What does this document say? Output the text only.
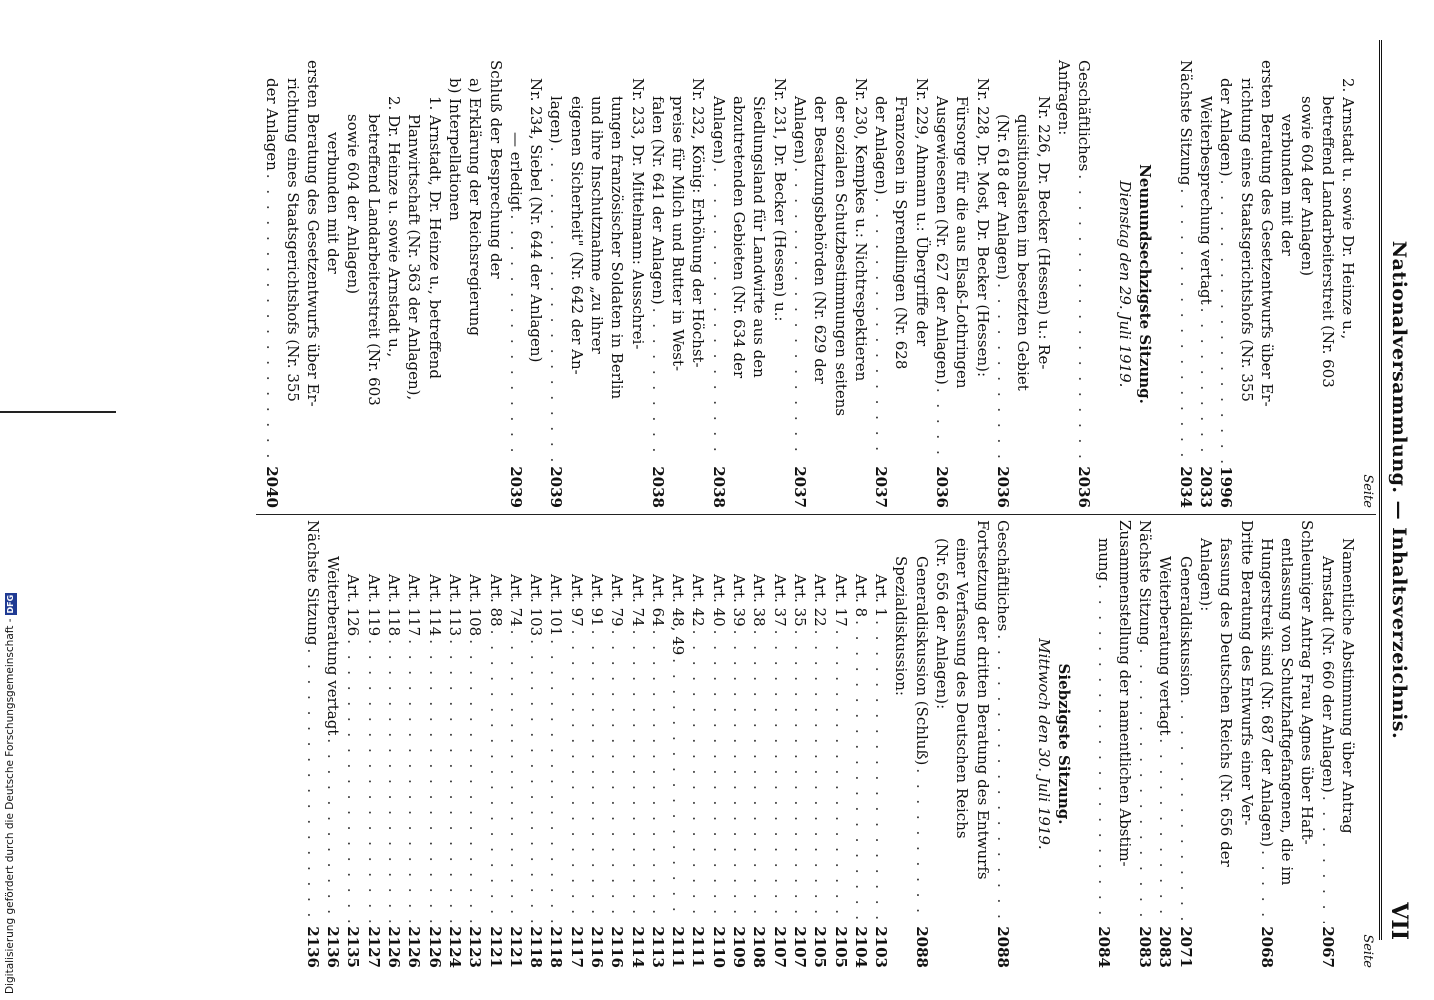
Nationalversammlung. — Inhaltsverzeichnis.
VII
Seite
2. Arnstadt u. sowie Dr. Heinze u.,
betreffend Landarbeiterstreit (Nr. 603
sowie 604 der Anlagen)
verbunden mit der
ersten Beratung des Gesetzentwurfs über Er-
richtung eines Staatsgerichtshofs (Nr. 355
der Anlagen)
. . .
1996
Weiterbesprechung vertagt
. . .
2033
Nächste Sitzung
. . .
2034
Neunundsechzigste Sitzung.
Dienstag den 29. Juli 1919.
Geschäftliches
. . .
2036
Anfragen:
Nr. 226, Dr. Becker (Hessen) u.: Re-
quisitionslasten im besetzten Gebiet
(Nr. 618 der Anlagen)
. . .
2036
Nr. 228, Dr. Most, Dr. Becker (Hessen):
Fürsorge für die aus Elsaß-Lothringen
Ausgewiesenen (Nr. 627 der Anlagen)
. . .
2036
Nr. 229, Ahmann u.: Übergriffe der
Franzosen in Sprendlingen (Nr. 628
der Anlagen)
. . .
2037
Nr. 230, Kempkes u.: Nichtrespektieren
der sozialen Schutzbestimmungen seitens
der Besatzungsbehörden (Nr. 629 der
Anlagen)
. . .
2037
Nr. 231, Dr. Becker (Hessen) u.:
Siedlungsland für Landwirte aus den
abzutretenden Gebieten (Nr. 634 der
Anlagen)
. . .
2038
Nr. 232, König: Erhöhung der Höchst-
preise für Milch und Butter in West-
falen (Nr. 641 der Anlagen)
. . .
2038
Nr. 233, Dr. Mittelmann: Ausschrei-
tungen französischer Soldaten in Berlin
und ihre Inschutznahme „zu ihrer
eigenen Sicherheit" (Nr. 642 der An-
lagen)
. . .
2039
Nr. 234, Siebel (Nr. 644 der Anlagen)
— erledigt
. . .
2039
Schluß der Besprechung der
a) Erklärung der Reichsregierung
b) Interpellationen
1. Arnstadt, Dr. Heinze u., betreffend
Planwirtschaft (Nr. 363 der Anlagen),
2. Dr. Heinze u. sowie Arnstadt u.,
betreffend Landarbeiterstreit (Nr. 603
sowie 604 der Anlagen)
verbunden mit der
ersten Beratung des Gesetzentwurfs über Er-
richtung eines Staatsgerichtshofs (Nr. 355
der Anlagen
. . .
2040
Seite
Namentliche Abstimmung über Antrag
Arnstadt (Nr. 660 der Anlagen)
. . .
2067
Schleuniger Antrag Frau Agnes über Haft-
entlassung von Schutzhaftgefangenen, die im
Hungerstreik sind (Nr. 687 der Anlagen)
. . .
2068
Dritte Beratung des Entwurfs einer Ver-
fassung des Deutschen Reichs (Nr. 656 der
Anlagen):
Generaldiskussion
. . .
2071
Weiterberatung vertagt
. . .
2083
Nächste Sitzung
. . .
2083
Zusammenstellung der namentlichen Abstim-
mung
. . .
2084
Siebzigste Sitzung.
Mittwoch den 30. Juli 1919.
Geschäftliches
. . .
2088
Fortsetzung der dritten Beratung des Entwurfs
einer Verfassung des Deutschen Reichs
(Nr. 656 der Anlagen):
Generaldiskussion (Schluß)
. . .
2088
Spezialdiskussion:
Art. 1
. . .
2103
Art. 8
. . .
2104
Art. 17
. . .
2105
Art. 22
. . .
2105
Art. 35
. . .
2107
Art. 37
. . .
2107
Art. 38
. . .
2108
Art. 39
. . .
2109
Art. 40
. . .
2110
Art. 42
. . .
2111
Art. 48, 49
. . .
2111
Art. 64
. . .
2113
Art. 74
. . .
2114
Art. 79
. . .
2116
Art. 91
. . .
2116
Art. 97
. . .
2117
Art. 101
. . .
2118
Art. 103
. . .
2118
Art. 74
. . .
2121
Art. 88
. . .
2121
Art. 108
. . .
2123
Art. 113
. . .
2124
Art. 114
. . .
2126
Art. 117
. . .
2126
Art. 118
. . .
2126
Art. 119
. . .
2127
Art. 126
. . .
2135
Weiterberatung vertagt
. . .
2136
Nächste Sitzung
. . .
2136
Digitalisierung gefördert durch die Deutsche Forschungsgemeinschaft -DFG
